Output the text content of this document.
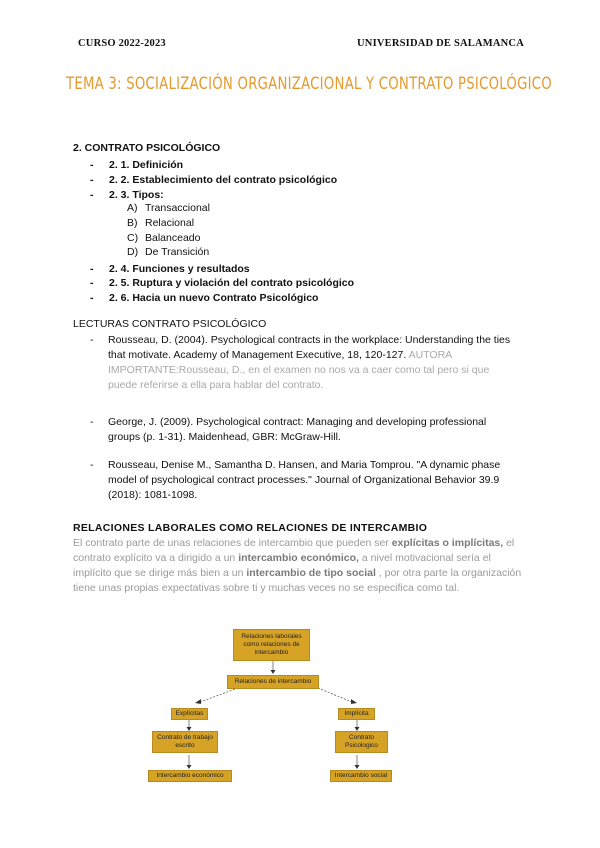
CURSO 2022-2023	UNIVERSIDAD DE SALAMANCA
TEMA 3: SOCIALIZACIÓN ORGANIZACIONAL Y CONTRATO PSICOLÓGICO
2. CONTRATO PSICOLÓGICO
- 2. 1. Definición
- 2. 2. Establecimiento del contrato psicológico
- 2. 3. Tipos:
- 2. 4. Funciones y resultados
- 2. 5. Ruptura y violación del contrato psicológico
- 2. 6. Hacia un nuevo Contrato Psicológico
A) Transaccional
B) Relacional
C) Balanceado
D) De Transición
LECTURAS CONTRATO PSICOLÓGICO
- Rousseau, D. (2004). Psychological contracts in the workplace: Understanding the ties that motivate. Academy of Management Executive, 18, 120-127. AUTORA IMPORTANTE:Rousseau, D., en el examen no nos va a caer como tal pero si que puede referirse a ella para hablar del contrato.
- George, J. (2009). Psychological contract: Managing and developing professional groups (p. 1-31). Maidenhead, GBR: McGraw-Hill.
- Rousseau, Denise M., Samantha D. Hansen, and Maria Tomprou. "A dynamic phase model of psychological contract processes." Journal of Organizational Behavior 39.9 (2018): 1081-1098.
RELACIONES LABORALES COMO RELACIONES DE INTERCAMBIO
El contrato parte de unas relaciones de intercambio que pueden ser explícitas o implícitas, el contrato explícito va a dirigido a un intercambio económico, a nivel motivacional sería el implícito que se dirige más bien a un intercambio de tipo social , por otra parte la organización tiene unas propias expectativas sobre ti y muchas veces no se especifica como tal.
Relaciones laborales como relaciones de intercambio
Relaciones de intercambio
Explícitas	Implícita
Contrato de trabajo escrito
Contrato Psicologico
Intercambio económico	Intercambio social
